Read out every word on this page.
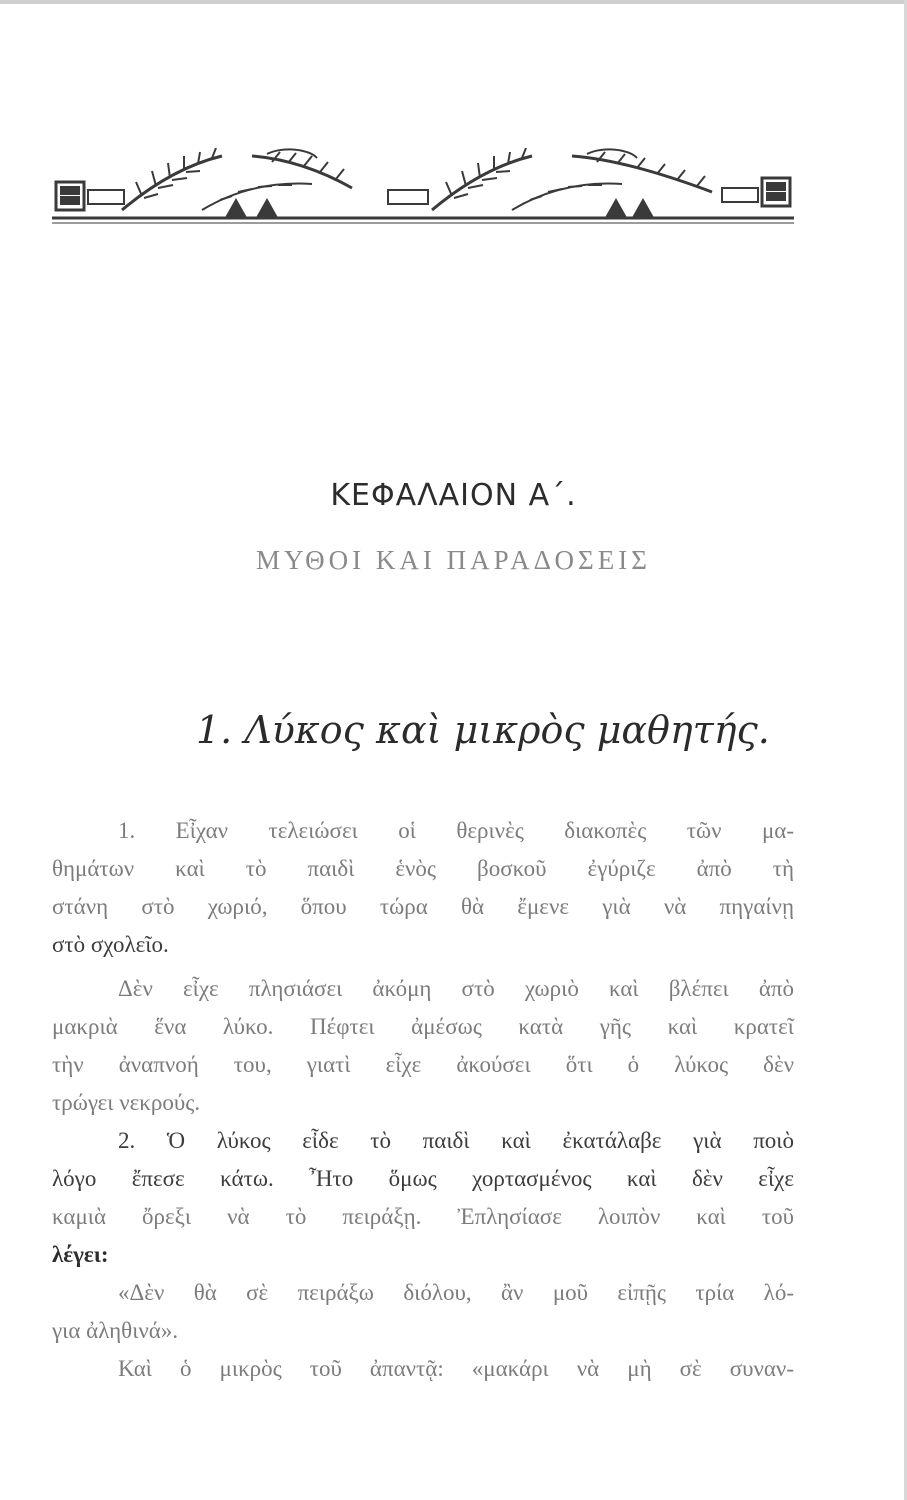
ΚΕΦΑΛΑΙΟΝ Α΄.
ΜΥΘΟΙ ΚΑΙ ΠΑΡΑΔΟΣΕΙΣ
1. Λύκος καὶ μικρὸς μαθητής.
1. Εἶχαν τελειώσει οἱ θερινὲς διακοπὲς τῶν μα-
θημάτων καὶ τὸ παιδὶ ἑνὸς βοσκοῦ ἐγύριζε ἀπὸ τὴ
στάνη στὸ χωριό, ὅπου τώρα θὰ ἔμενε γιὰ νὰ πηγαίνῃ
στὸ σχολεῖο.
Δὲν εἶχε πλησιάσει ἀκόμη στὸ χωριὸ καὶ βλέπει ἀπὸ
μακριὰ ἕνα λύκο. Πέφτει ἀμέσως κατὰ γῆς καὶ κρατεῖ
τὴν ἀναπνοή του, γιατὶ εἶχε ἀκούσει ὅτι ὁ λύκος δὲν
τρώγει νεκρούς.
2. Ὁ λύκος εἶδε τὸ παιδὶ καὶ ἐκατάλαβε γιὰ ποιὸ
λόγο ἔπεσε κάτω. Ἦτο ὅμως χορτασμένος καὶ δὲν εἶχε
καμιὰ ὄρεξι νὰ τὸ πειράξῃ. Ἐπλησίασε λοιπὸν καὶ τοῦ
λέγει:
«Δὲν θὰ σὲ πειράξω διόλου, ἂν μοῦ εἰπῇς τρία λό-
για ἀληθινά».
Καὶ ὁ μικρὸς τοῦ ἀπαντᾷ: «μακάρι νὰ μὴ σὲ συναν-
